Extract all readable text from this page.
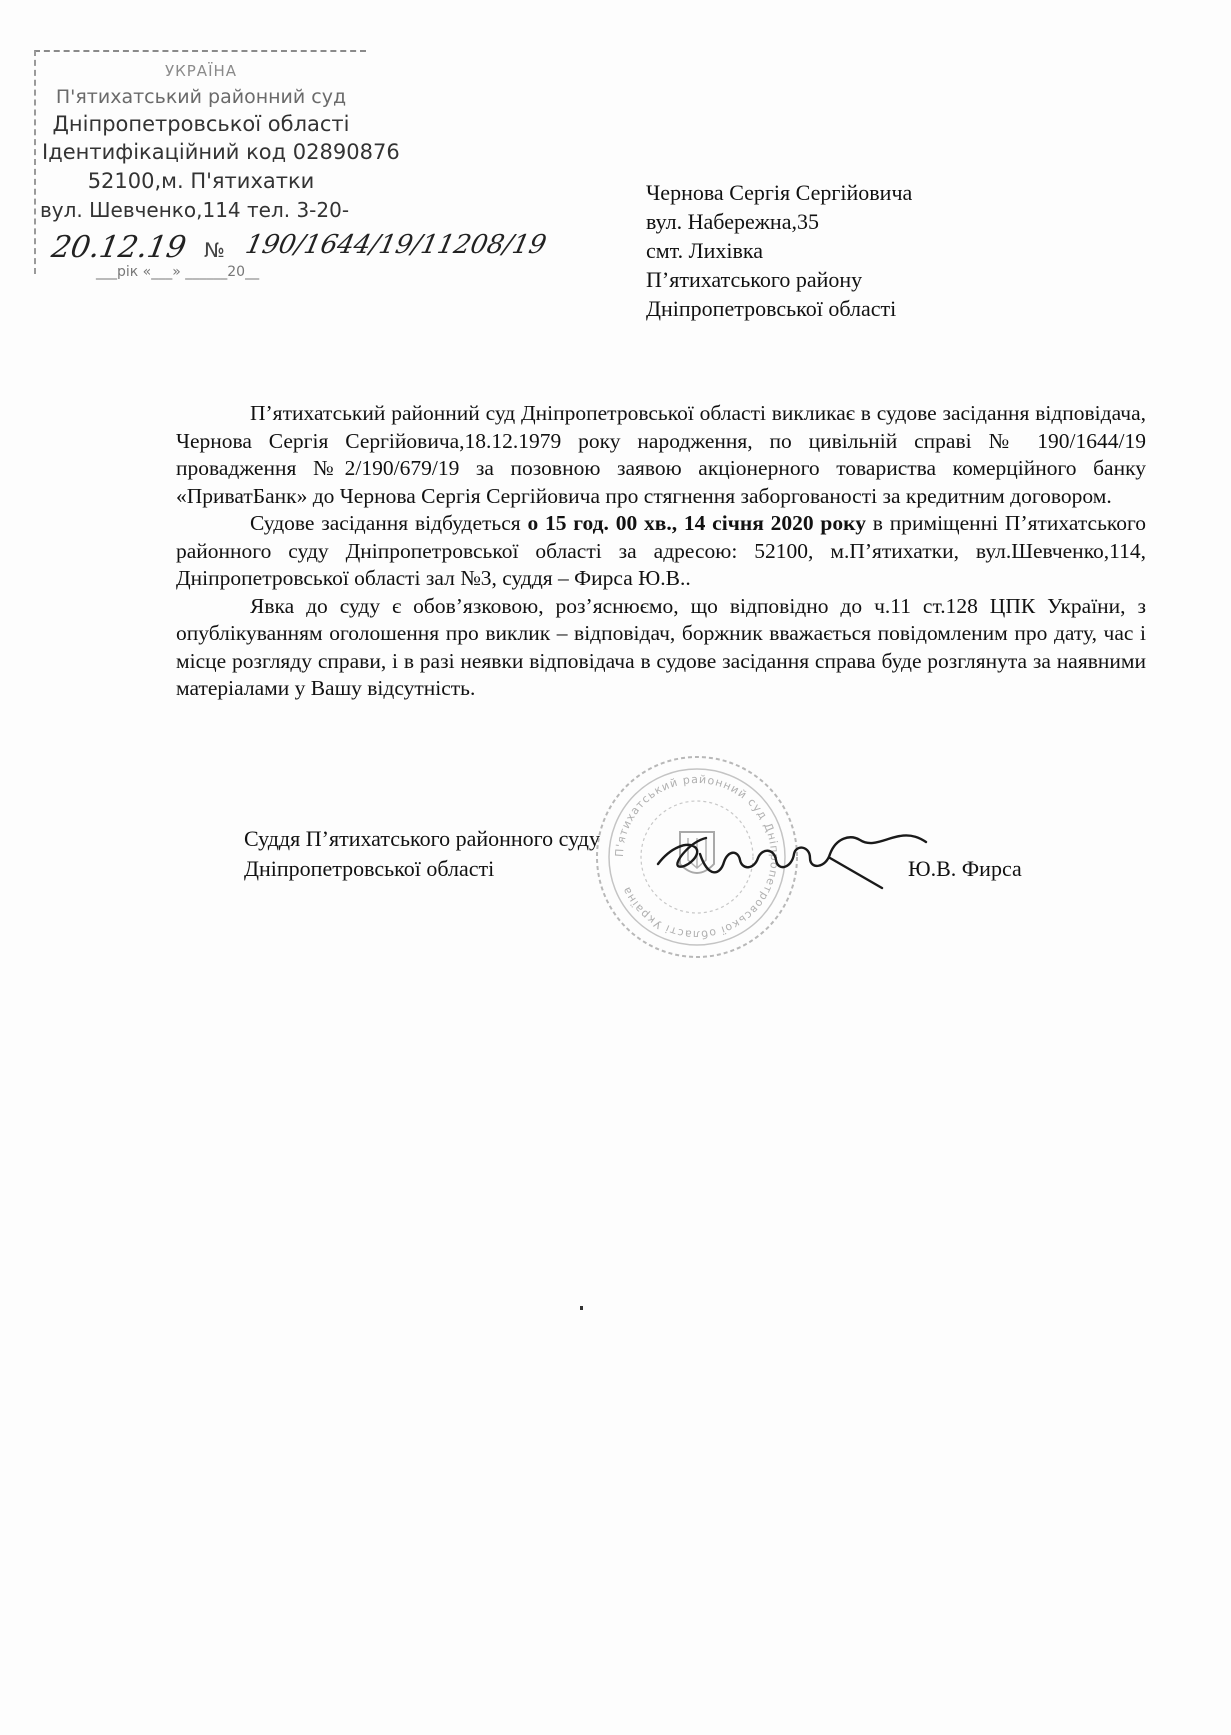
УКРАЇНА
П'ятихатський районний суд
Дніпропетровської області
Ідентифікаційний код 02890876
52100,м. П'ятихатки
вул. Шевченко,114 тел. 3-20-
20.12.19 № 190/1644/19/11208/19
___рік «___» ______20__
Чернова Сергія Сергійовича
вул. Набережна,35
смт. Лихівка
П’ятихатського району
Дніпропетровської області

П’ятихатський районний суд Дніпропетровської області викликає в судове засідання відповідача, Чернова Сергія Сергійовича,18.12.1979 року народження, по цивільній справі № 190/1644/19 провадження №2/190/679/19 за позовною заявою акціонерного товариства комерційного банку «ПриватБанк» до Чернова Сергія Сергійовича про стягнення заборгованості за кредитним договором.

Судове засідання відбудеться о 15 год. 00 хв., 14 січня 2020 року в приміщенні П’ятихатського районного суду Дніпропетровської області за адресою: 52100, м.П’ятихатки, вул.Шевченко,114, Дніпропетровської області зал №3, суддя – Фирса Ю.В..

Явка до суду є обов’язковою, роз’яснюємо, що відповідно до ч.11 ст.128 ЦПК України, з опублікуванням оголошення про виклик – відповідач, боржник вважається повідомленим про дату, час і місце розгляду справи, і в разі неявки відповідача в судове засідання справа буде розглянута за наявними матеріалами у Вашу відсутність.

П'ятихатський районний суд Дніпропетровської області Україна
Суддя П’ятихатського районного суду
Дніпропетровської області	Ю.В. Фирса
